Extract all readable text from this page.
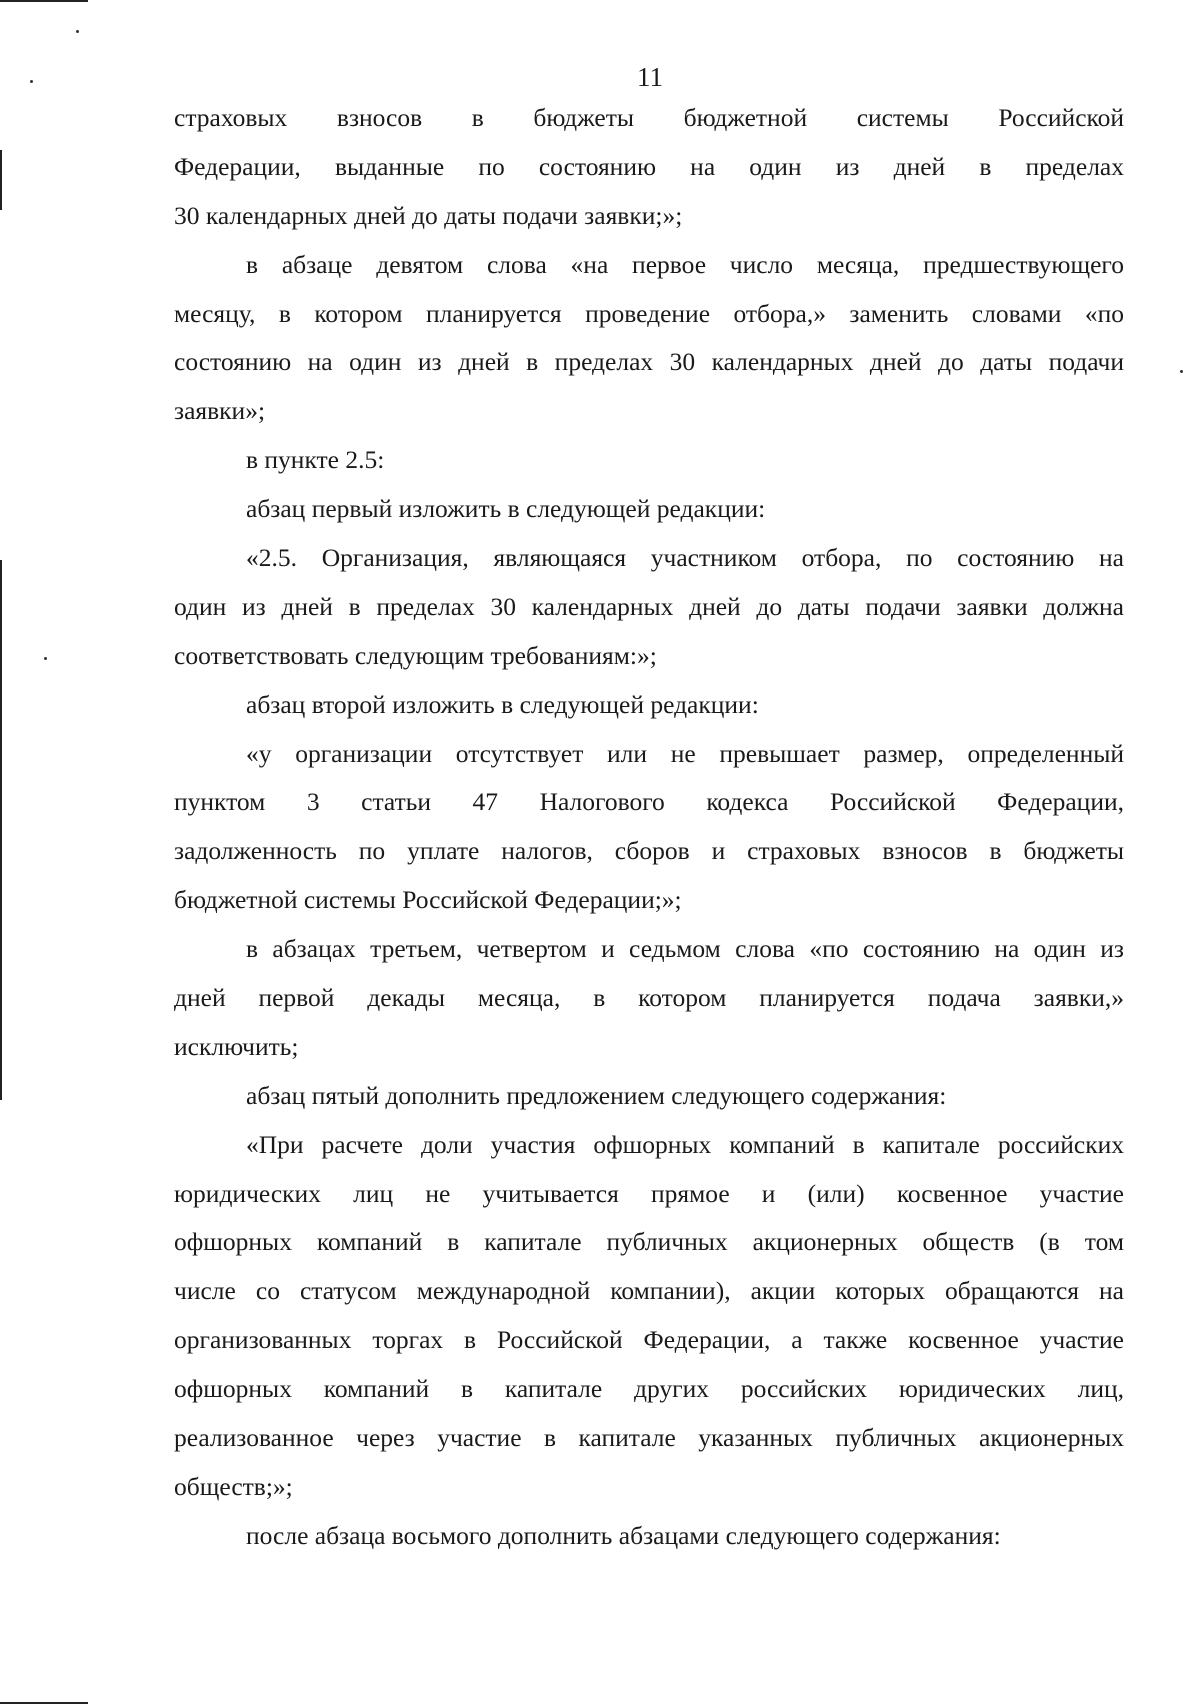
11
страховых взносов в бюджеты бюджетной системы Российской
Федерации, выданные по состоянию на один из дней в пределах
30 календарных дней до даты подачи заявки;»;
в абзаце девятом слова «на первое число месяца, предшествующего
месяцу, в котором планируется проведение отбора,» заменить словами «по
состоянию на один из дней в пределах 30 календарных дней до даты подачи
заявки»;
в пункте 2.5:
абзац первый изложить в следующей редакции:
«2.5. Организация, являющаяся участником отбора, по состоянию на
один из дней в пределах 30 календарных дней до даты подачи заявки должна
соответствовать следующим требованиям:»;
абзац второй изложить в следующей редакции:
«у организации отсутствует или не превышает размер, определенный
пунктом 3 статьи 47 Налогового кодекса Российской Федерации,
задолженность по уплате налогов, сборов и страховых взносов в бюджеты
бюджетной системы Российской Федерации;»;
в абзацах третьем, четвертом и седьмом слова «по состоянию на один из
дней первой декады месяца, в котором планируется подача заявки,»
исключить;
абзац пятый дополнить предложением следующего содержания:
«При расчете доли участия офшорных компаний в капитале российских
юридических лиц не учитывается прямое и (или) косвенное участие
офшорных компаний в капитале публичных акционерных обществ (в том
числе со статусом международной компании), акции которых обращаются на
организованных торгах в Российской Федерации, а также косвенное участие
офшорных компаний в капитале других российских юридических лиц,
реализованное через участие в капитале указанных публичных акционерных
обществ;»;
после абзаца восьмого дополнить абзацами следующего содержания:
